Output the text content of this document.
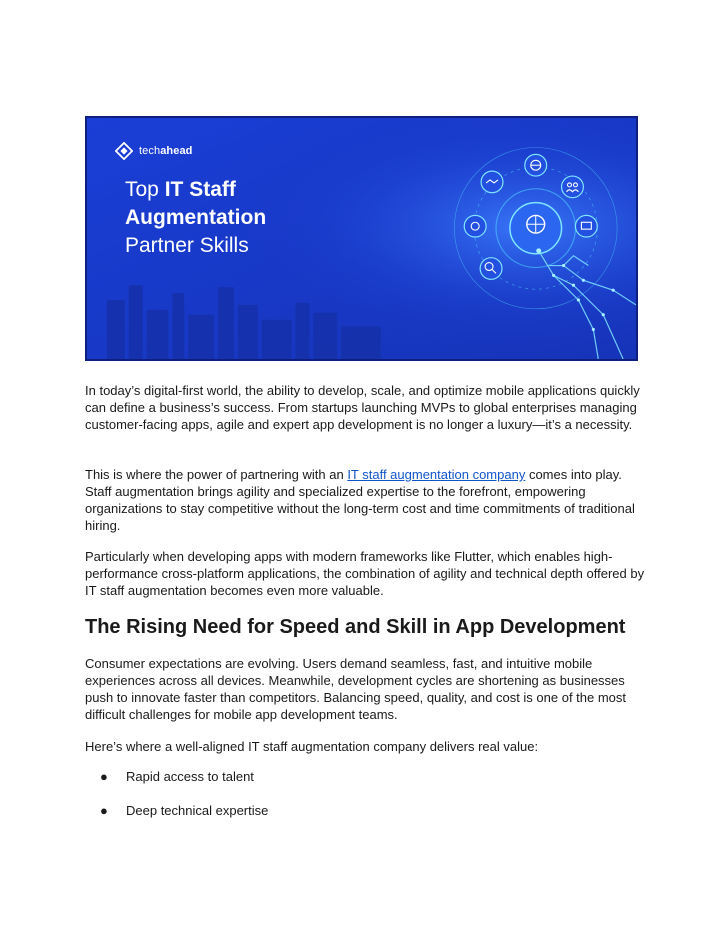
techahead
Top IT Staff
Augmentation
Partner Skills

In today’s digital-first world, the ability to develop, scale, and optimize mobile applications quickly can define a business’s success. From startups launching MVPs to global enterprises managing customer-facing apps, agile and expert app development is no longer a luxury—it’s a necessity.

This is where the power of partnering with an IT staff augmentation company comes into play. Staff augmentation brings agility and specialized expertise to the forefront, empowering organizations to stay competitive without the long-term cost and time commitments of traditional hiring.

Particularly when developing apps with modern frameworks like Flutter, which enables high-performance cross-platform applications, the combination of agility and technical depth offered by IT staff augmentation becomes even more valuable.

The Rising Need for Speed and Skill in App Development

Consumer expectations are evolving. Users demand seamless, fast, and intuitive mobile experiences across all devices. Meanwhile, development cycles are shortening as businesses push to innovate faster than competitors. Balancing speed, quality, and cost is one of the most difficult challenges for mobile app development teams.

Here’s where a well-aligned IT staff augmentation company delivers real value:

● Rapid access to talent
● Deep technical expertise
